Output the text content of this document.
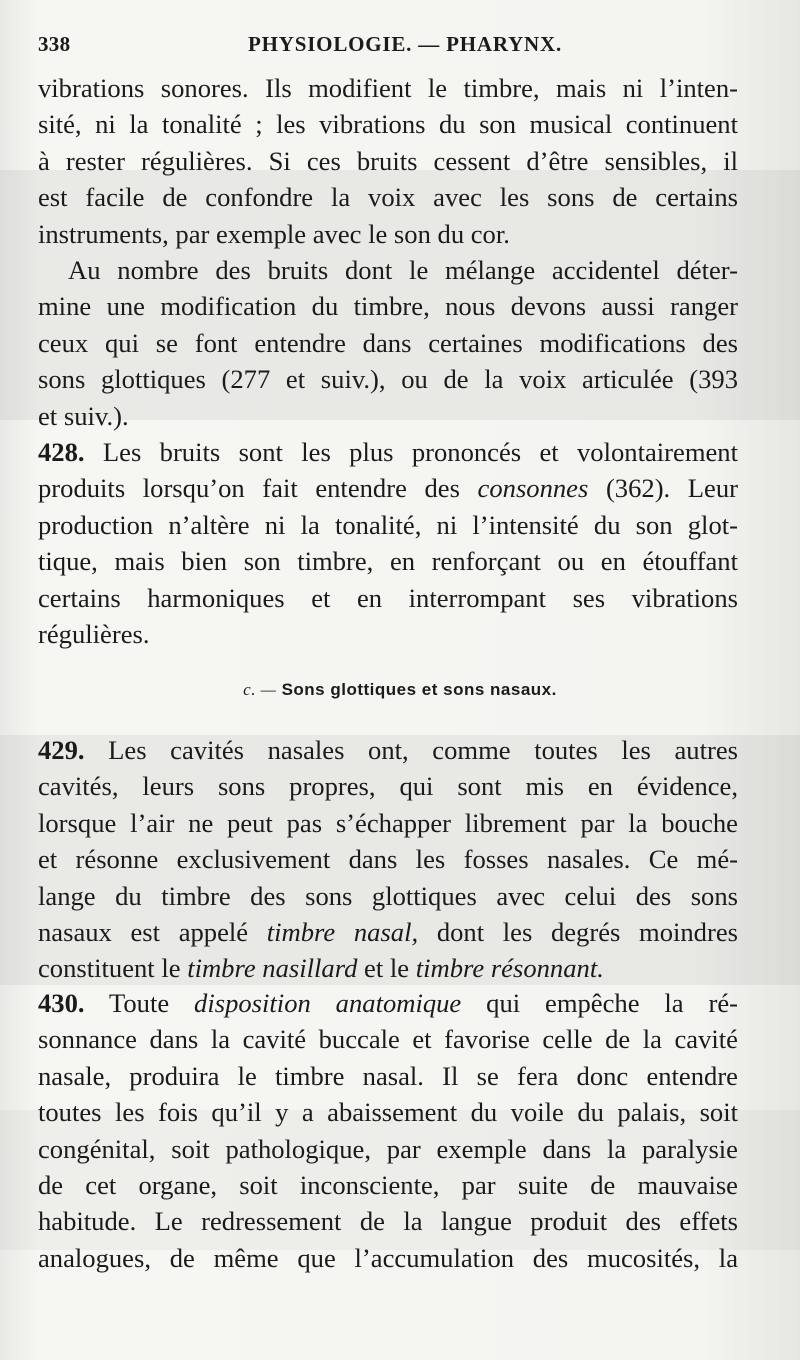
338	PHYSIOLOGIE. — PHARYNX.
vibrations sonores. Ils modifient le timbre, mais ni l’inten-
sité, ni la tonalité ; les vibrations du son musical continuent
à rester régulières. Si ces bruits cessent d’être sensibles, il
est facile de confondre la voix avec les sons de certains
instruments, par exemple avec le son du cor.
Au nombre des bruits dont le mélange accidentel déter-
mine une modification du timbre, nous devons aussi ranger
ceux qui se font entendre dans certaines modifications des
sons glottiques (277 et suiv.), ou de la voix articulée (393
et suiv.).
428. Les bruits sont les plus prononcés et volontairement
produits lorsqu’on fait entendre des consonnes (362). Leur
production n’altère ni la tonalité, ni l’intensité du son glot-
tique, mais bien son timbre, en renforçant ou en étouffant
certains harmoniques et en interrompant ses vibrations
régulières.
c. — Sons glottiques et sons nasaux.
429. Les cavités nasales ont, comme toutes les autres
cavités, leurs sons propres, qui sont mis en évidence,
lorsque l’air ne peut pas s’échapper librement par la bouche
et résonne exclusivement dans les fosses nasales. Ce mé-
lange du timbre des sons glottiques avec celui des sons
nasaux est appelé timbre nasal, dont les degrés moindres
constituent le timbre nasillard et le timbre résonnant.
430. Toute disposition anatomique qui empêche la ré-
sonnance dans la cavité buccale et favorise celle de la cavité
nasale, produira le timbre nasal. Il se fera donc entendre
toutes les fois qu’il y a abaissement du voile du palais, soit
congénital, soit pathologique, par exemple dans la paralysie
de cet organe, soit inconsciente, par suite de mauvaise
habitude. Le redressement de la langue produit des effets
analogues, de même que l’accumulation des mucosités, la
